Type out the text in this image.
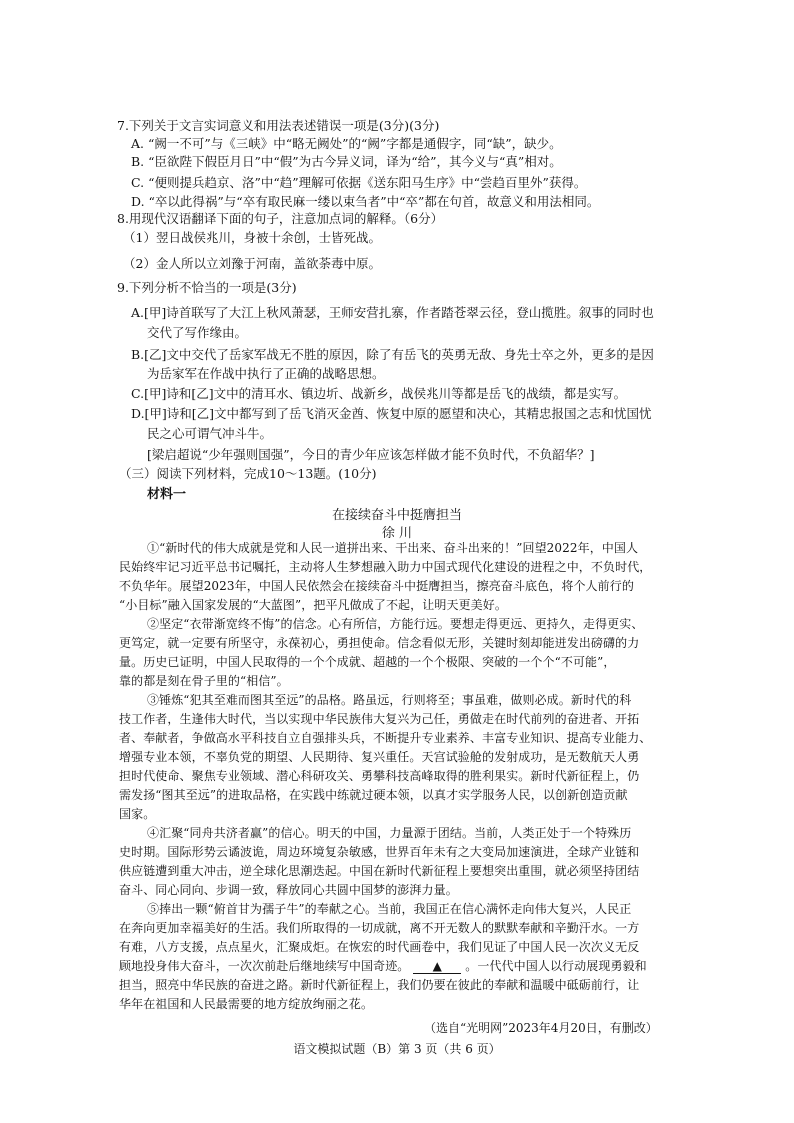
7.下列关于文言实词意义和用法表述错误一项是(3分)(3分)
A. “阙一不可”与《三峡》中“略无阙处”的“阙”字都是通假字，同“缺”，缺少。
B. “臣欲陛下假臣月日”中“假”为古今异义词，译为“给”，其今义与“真”相对。
C. “便则提兵趋京、洛”中“趋”理解可依据《送东阳马生序》中“尝趋百里外”获得。
D. “卒以此得祸”与“卒有取民麻一缕以束刍者”中“卒”都在句首，故意义和用法相同。
8.用现代汉语翻译下面的句子，注意加点词的解释。（6分）
（1）翌日战侯兆川，身被十余创，士皆死战。
（2）金人所以立刘豫于河南，盖欲荼毒中原。
9.下列分析不恰当的一项是(3分)
A.[甲]诗首联写了大江上秋风萧瑟，王师安营扎寨，作者踏苍翠云径，登山揽胜。叙事的同时也
交代了写作缘由。
B.[乙]文中交代了岳家军战无不胜的原因，除了有岳飞的英勇无敌、身先士卒之外，更多的是因
为岳家军在作战中执行了正确的战略思想。
C.[甲]诗和[乙]文中的清耳水、镇边圻、战新乡，战侯兆川等都是岳飞的战绩，都是实写。
D.[甲]诗和[乙]文中都写到了岳飞消灭金酋、恢复中原的愿望和决心，其精忠报国之志和忧国忧
民之心可谓气冲斗牛。
[梁启超说“少年强则国强”，今日的青少年应该怎样做才能不负时代，不负韶华？]
（三）阅读下列材料，完成10～13题。(10分)
材料一
在接续奋斗中挺膺担当
徐 川
①“新时代的伟大成就是党和人民一道拼出来、干出来、奋斗出来的！”回望2022年，中国人
民始终牢记习近平总书记嘱托，主动将人生梦想融入助力中国式现代化建设的进程之中，不负时代，
不负华年。展望2023年，中国人民依然会在接续奋斗中挺膺担当，擦亮奋斗底色，将个人前行的
“小目标”融入国家发展的“大蓝图”，把平凡做成了不起，让明天更美好。
②坚定“衣带渐宽终不悔”的信念。心有所信，方能行远。要想走得更远、更持久，走得更实、
更笃定，就一定要有所坚守，永葆初心，勇担使命。信念看似无形，关键时刻却能迸发出磅礴的力
量。历史已证明，中国人民取得的一个个成就、超越的一个个极限、突破的一个个“不可能”，
靠的都是刻在骨子里的“相信”。
③锤炼“犯其至难而图其至远”的品格。路虽远，行则将至；事虽难，做则必成。新时代的科
技工作者，生逢伟大时代，当以实现中华民族伟大复兴为己任，勇做走在时代前列的奋进者、开拓
者、奉献者，争做高水平科技自立自强排头兵，不断提升专业素养、丰富专业知识、提高专业能力、
增强专业本领，不辜负党的期望、人民期待、复兴重任。天宫试验舱的发射成功，是无数航天人勇
担时代使命、聚焦专业领域、潜心科研攻关、勇攀科技高峰取得的胜利果实。新时代新征程上，仍
需发扬“图其至远”的进取品格，在实践中练就过硬本领，以真才实学服务人民，以创新创造贡献
国家。
④汇聚“同舟共济者赢”的信心。明天的中国，力量源于团结。当前，人类正处于一个特殊历
史时期。国际形势云谲波诡，周边环境复杂敏感，世界百年未有之大变局加速演进，全球产业链和
供应链遭到重大冲击，逆全球化思潮迭起。中国在新时代新征程上要想突出重围，就必须坚持团结
奋斗、同心同向、步调一致，释放同心共圆中国梦的澎湃力量。
⑤捧出一颗“俯首甘为孺子牛”的奉献之心。当前，我国正在信心满怀走向伟大复兴，人民正
在奔向更加幸福美好的生活。我们所取得的一切成就，离不开无数人的默默奉献和辛勤汗水。一方
有难，八方支援，点点星火，汇聚成炬。在恢宏的时代画卷中，我们见证了中国人民一次次义无反
顾地投身伟大奋斗，一次次前赴后继地续写中国奇迹。 ▲ 。一代代中国人以行动展现勇毅和
担当，照亮中华民族的奋进之路。新时代新征程上，我们仍要在彼此的奉献和温暖中砥砺前行，让
华年在祖国和人民最需要的地方绽放绚丽之花。
（选自“光明网”2023年4月20日，有删改）
语文模拟试题（B）第 3 页（共 6 页）
